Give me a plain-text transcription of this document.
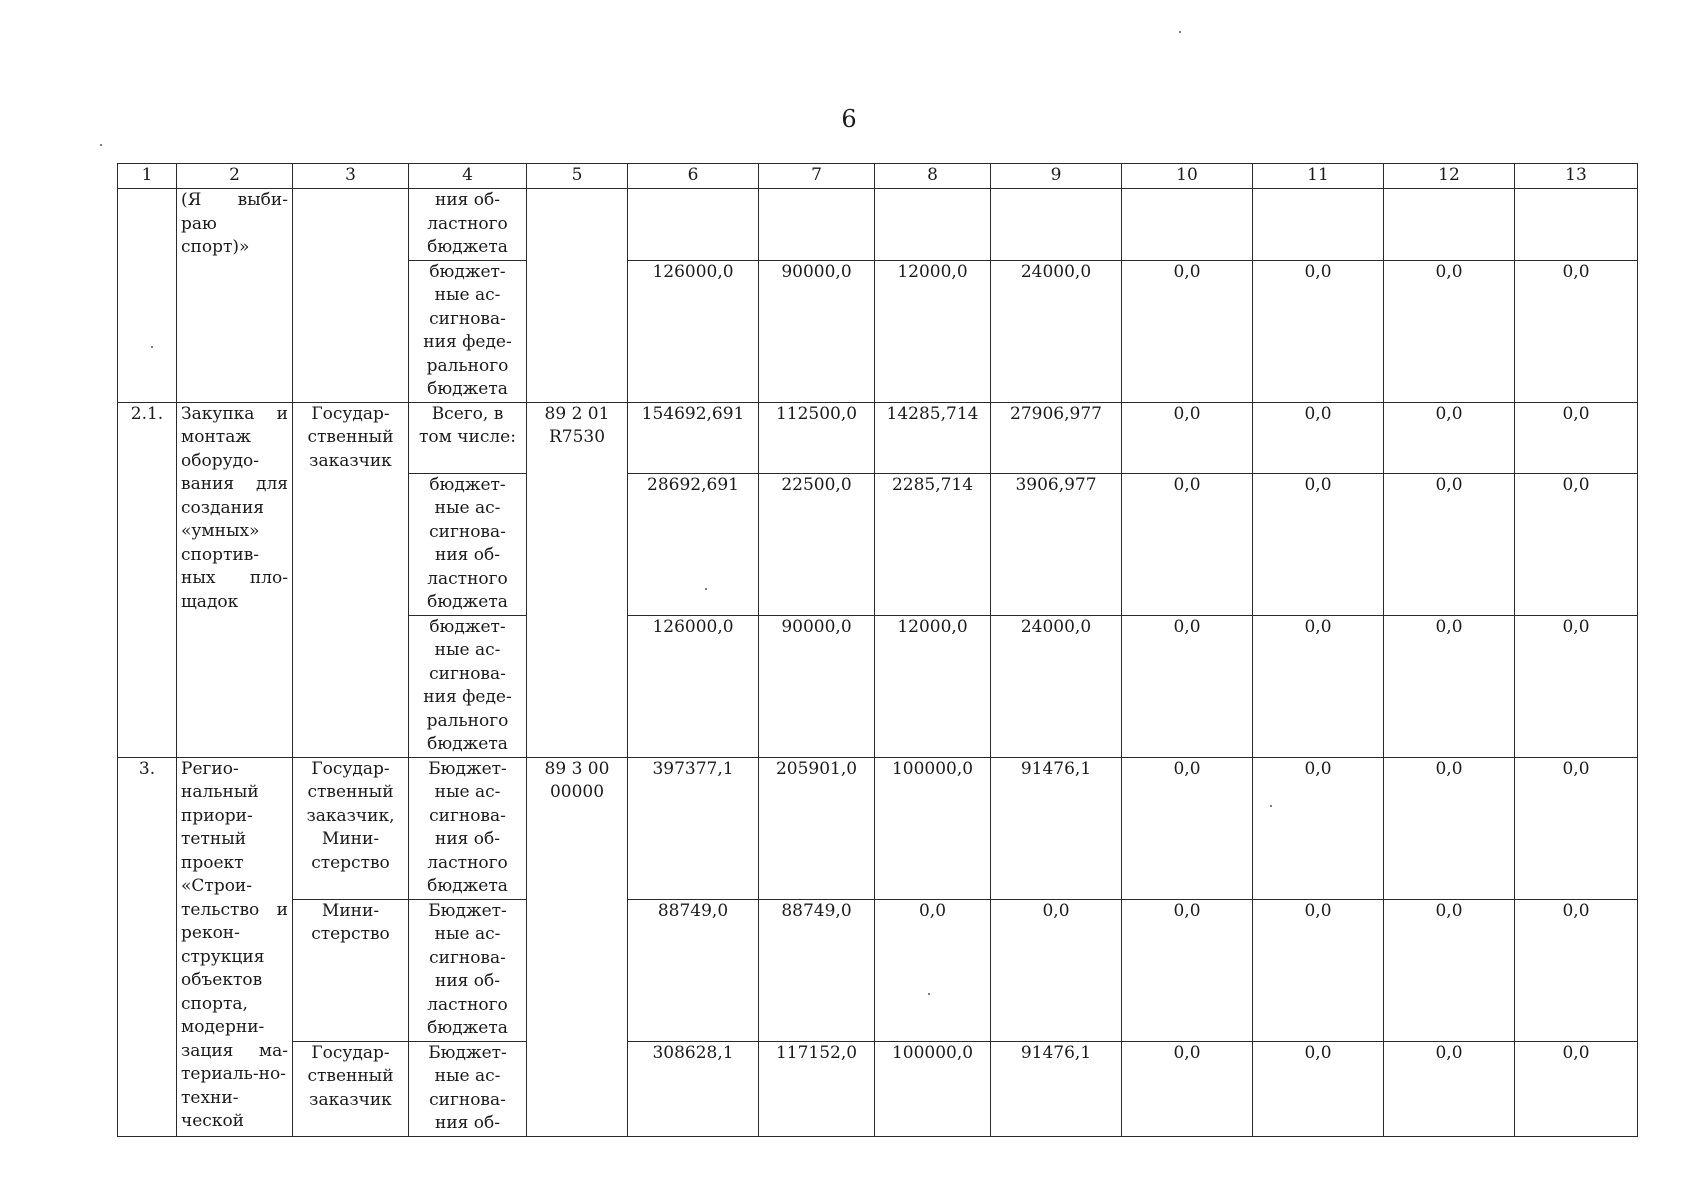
6
1	2	3	4	5	6	7	8	9	10	11	12	13
	(Я выби-раю спорт)»		ния об-ластного бюджета									
			бюджет-ные ас-сигнова-ния феде-рального бюджета		126000,0	90000,0	12000,0	24000,0	0,0	0,0	0,0	0,0
2.1.	Закупка и монтаж оборудо-вания для создания «умных» спортив-ных пло-щадок	Государ-ственный заказчик	Всего, в том числе:	89 2 01 R7530	154692,691	112500,0	14285,714	27906,977	0,0	0,0	0,0	0,0
			бюджет-ные ас-сигнова-ния об-ластного бюджета		28692,691	22500,0	2285,714	3906,977	0,0	0,0	0,0	0,0
			бюджет-ные ас-сигнова-ния феде-рального бюджета		126000,0	90000,0	12000,0	24000,0	0,0	0,0	0,0	0,0
3.	Регио-нальный приори-тетный проект «Строи-тельство и рекон-струкция объектов спорта, модерни-зация ма-териаль-но-техни-ческой	Государ-ственный заказчик, Мини-стерство	Бюджет-ные ас-сигнова-ния об-ластного бюджета	89 3 00 00000	397377,1	205901,0	100000,0	91476,1	0,0	0,0	0,0	0,0
		Мини-стерство	Бюджет-ные ас-сигнова-ния об-ластного бюджета		88749,0	88749,0	0,0	0,0	0,0	0,0	0,0	0,0
		Государ-ственный заказчик	Бюджет-ные ас-сигнова-ния об-		308628,1	117152,0	100000,0	91476,1	0,0	0,0	0,0	0,0
